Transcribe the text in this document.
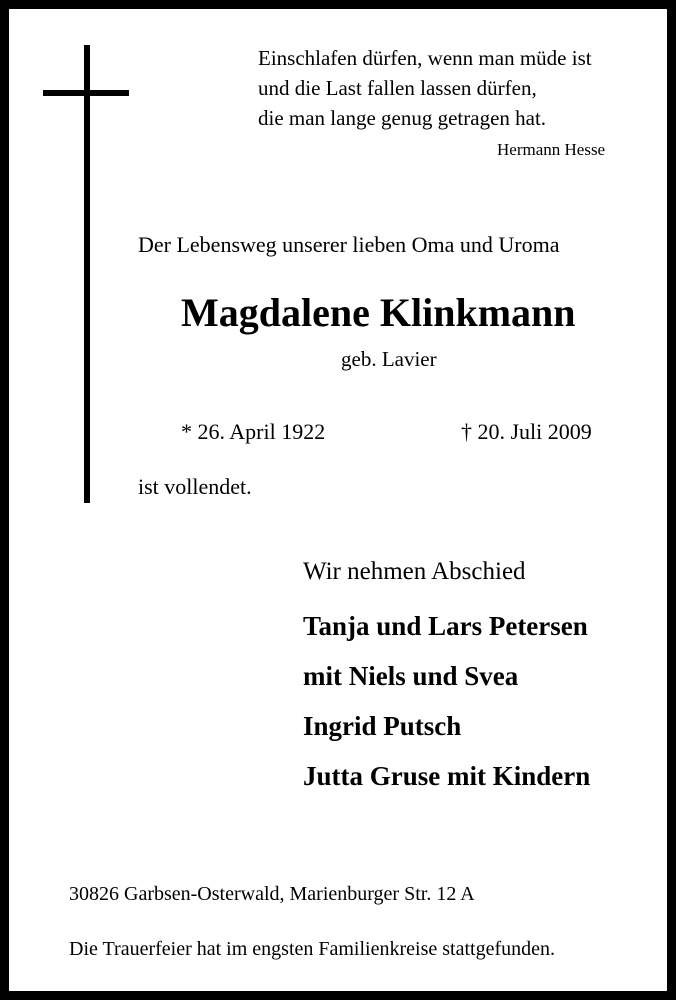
Einschlafen dürfen, wenn man müde ist
und die Last fallen lassen dürfen,
die man lange genug getragen hat.
Hermann Hesse
Der Lebensweg unserer lieben Oma und Uroma
Magdalene Klinkmann
geb. Lavier
* 26. April 1922	† 20. Juli 2009
ist vollendet.
Wir nehmen Abschied
Tanja und Lars Petersen
mit Niels und Svea
Ingrid Putsch
Jutta Gruse mit Kindern
30826 Garbsen-Osterwald, Marienburger Str. 12 A
Die Trauerfeier hat im engsten Familienkreise stattgefunden.
